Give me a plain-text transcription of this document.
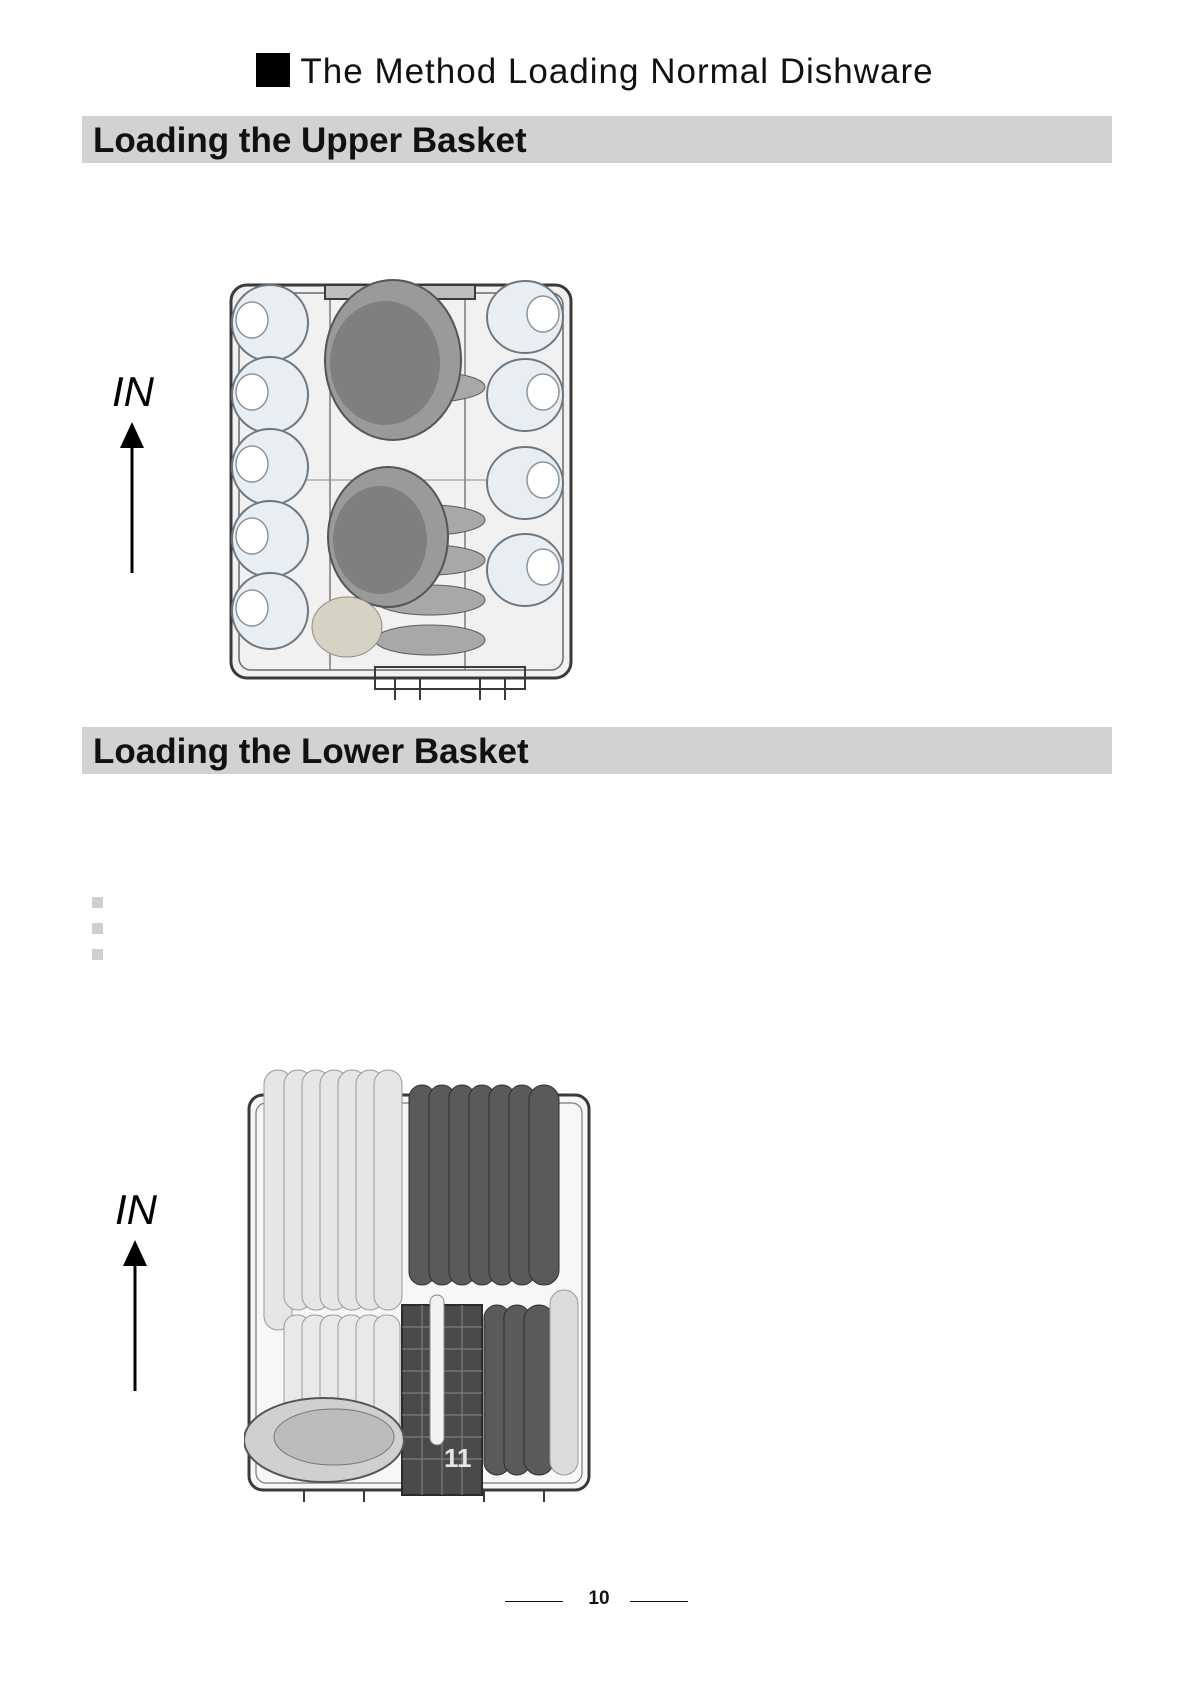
The Method Loading Normal Dishware
Loading the Upper Basket
IN
Loading the Lower Basket
IN
11
10
